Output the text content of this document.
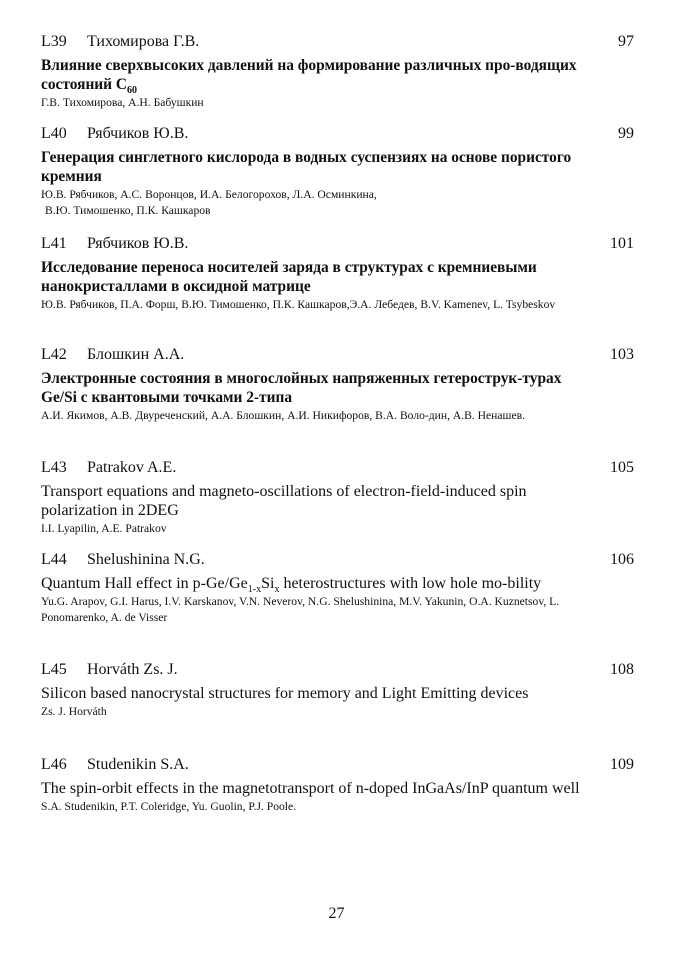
L39	Тихомирова Г.В.	97
Влияние сверхвысоких давлений на формирование различных про-водящих состояний $C_{60}$
Г.В. Тихомирова, А.Н. Бабушкин
L40	Рябчиков Ю.В.	99
Генерация синглетного кислорода в водных суспензиях на основе пористого кремния
Ю.В. Рябчиков, А.С. Воронцов, И.А. Белогорохов, Л.А. Осминкина,
В.Ю. Тимошенко, П.К. Кашкаров
L41	Рябчиков Ю.В.	101
Исследование переноса носителей заряда в структурах с кремниевыми нанокристаллами в оксидной матрице
Ю.В. Рябчиков, П.А. Форш, В.Ю. Тимошенко, П.К. Кашкаров,Э.А. Лебедев, B.V. Kamenev, L. Tsybeskov
L42	Блошкин А.А.	103
Электронные состояния в многослойных напряженных гетерострук-турах Ge/Si с квантовыми точками 2-типа
А.И. Якимов, А.В. Двуреченский, А.А. Блошкин, А.И. Никифоров, В.А. Воло-дин, А.В. Ненашев.
L43	Patrakov A.E.	105
Transport equations and magneto-oscillations of electron-field-induced spin polarization in 2DEG
I.I. Lyapilin, A.E. Patrakov
L44	Shelushinina N.G.	106
Quantum Hall effect in $p-Ge/Ge_{1-x}Si_x$ heterostructures with low hole mo-bility
Yu.G. Arapov, G.I. Harus, I.V. Karskanov, V.N. Neverov, N.G. Shelushinina, M.V. Yakunin, O.A. Kuznetsov, L. Ponomarenko, A. de Visser
L45	Horváth Zs. J.	108
Silicon based nanocrystal structures for memory and Light Emitting devices
Zs. J. Horváth
L46	Studenikin S.A.	109
The spin-orbit effects in the magnetotransport of n-doped InGaAs/InP quantum well
S.A. Studenikin, P.T. Coleridge, Yu. Guolin, P.J. Poole.
27
